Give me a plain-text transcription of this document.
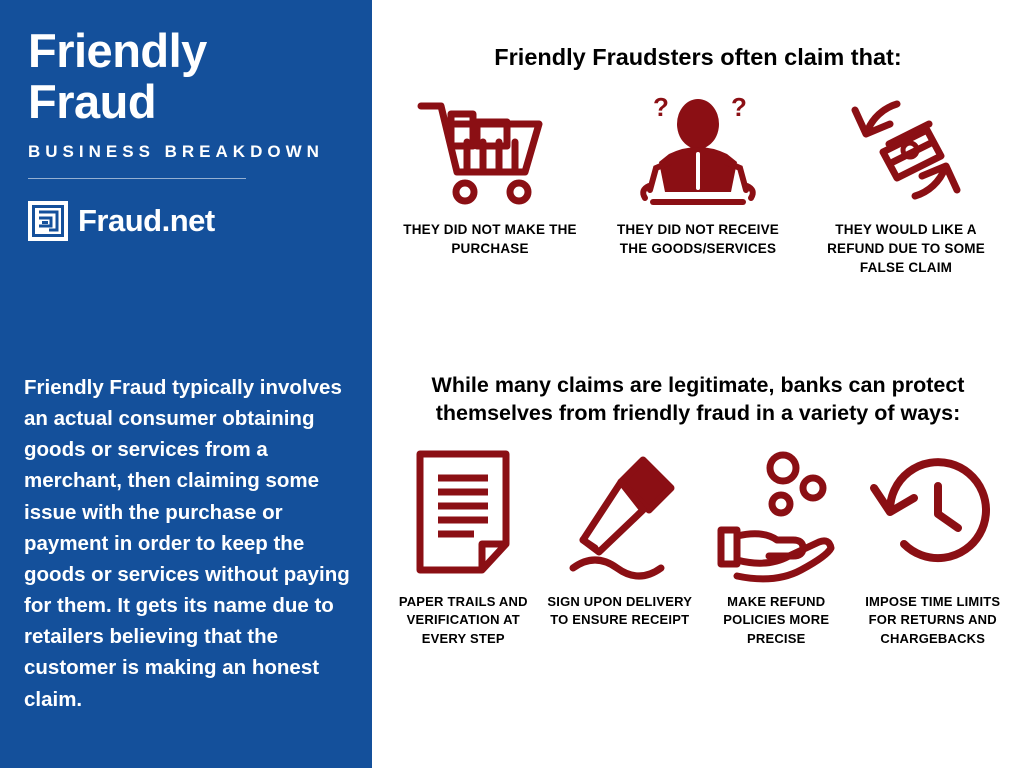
Friendly Fraud
BUSINESS BREAKDOWN
Fraud.net

Friendly Fraud typically involves an actual consumer obtaining goods or services from a merchant, then claiming some issue with the purchase or payment in order to keep the goods or services without paying for them. It gets its name due to retailers believing that the customer is making an honest claim.

Friendly Fraudsters often claim that:
THEY DID NOT MAKE THE PURCHASE
? ?
THEY DID NOT RECEIVE THE GOODS/SERVICES
THEY WOULD LIKE A REFUND DUE TO SOME FALSE CLAIM
While many claims are legitimate, banks can protect themselves from friendly fraud in a variety of ways:
PAPER TRAILS AND VERIFICATION AT EVERY STEP
SIGN UPON DELIVERY TO ENSURE RECEIPT
MAKE REFUND POLICIES MORE PRECISE
IMPOSE TIME LIMITS FOR RETURNS AND CHARGEBACKS
